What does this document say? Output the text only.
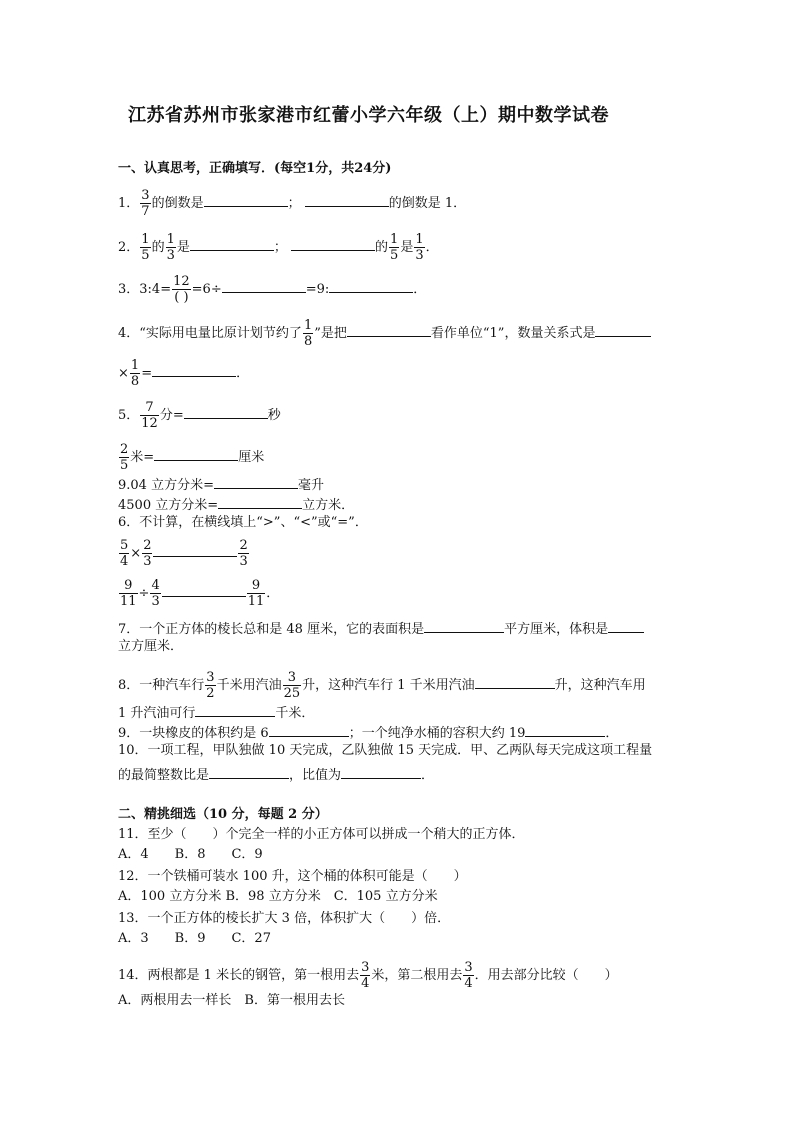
江苏省苏州市张家港市红蕾小学六年级（上）期中数学试卷
一、认真思考，正确填写．(每空1分，共24分)
1． $\frac{3}{7}$ 的倒数是	；	的倒数是 1．
2． $\frac{1}{5}$ 的 $\frac{1}{3}$ 是	；	的 $\frac{1}{5}$ 是 $\frac{1}{3}$ ．
3．3:4= $\frac{12}{( )} =6\div$	=9:	．
4．“实际用电量比原计划节约了 $\frac{1}{8}$ ”是把	看作单位“1”，数量关系式是
× $\frac{1}{8}$ =	．
5． $\frac{7}{12}$ 分=	秒
$\frac{2}{5}$ 米=	厘米
9.04 立方分米=	毫升
4500 立方分米=	立方米．
6．不计算，在横线填上“>”、“<”或“=”．
$\frac{5}{4} \times \frac{2}{3}$	$\frac{2}{3}$
$\frac{9}{11} \div \frac{4}{3}$	$\frac{9}{11}$ ．
7．一个正方体的棱长总和是 48 厘米，它的表面积是	平方厘米，体积是
立方厘米．
8．一种汽车行 $\frac{3}{2}$ 千米用汽油 $\frac{3}{25}$ 升，这种汽车行 1 千米用汽油	升，这种汽车用
1 升汽油可行	千米．
9．一块橡皮的体积约是 6	；一个纯净水桶的容积大约 19	．
10．一项工程，甲队独做 10 天完成，乙队独做 15 天完成．甲、乙两队每天完成这项工程量
的最简整数比是	，比值为	．
二、精挑细选（10 分，每题 2 分）
11．至少（　　）个完全一样的小正方体可以拼成一个稍大的正方体．
A．4　　B．8　　C．9
12．一个铁桶可装水 100 升，这个桶的体积可能是（　　）
A．100 立方分米 B．98 立方分米　C．105 立方分米
13．一个正方体的棱长扩大 3 倍，体积扩大（　　）倍．
A．3　　B．9　　C．27
14．两根都是 1 米长的钢管，第一根用去 $\frac{3}{4}$ 米，第二根用去 $\frac{3}{4}$ ．用去部分比较（　　）
A．两根用去一样长　B．第一根用去长
